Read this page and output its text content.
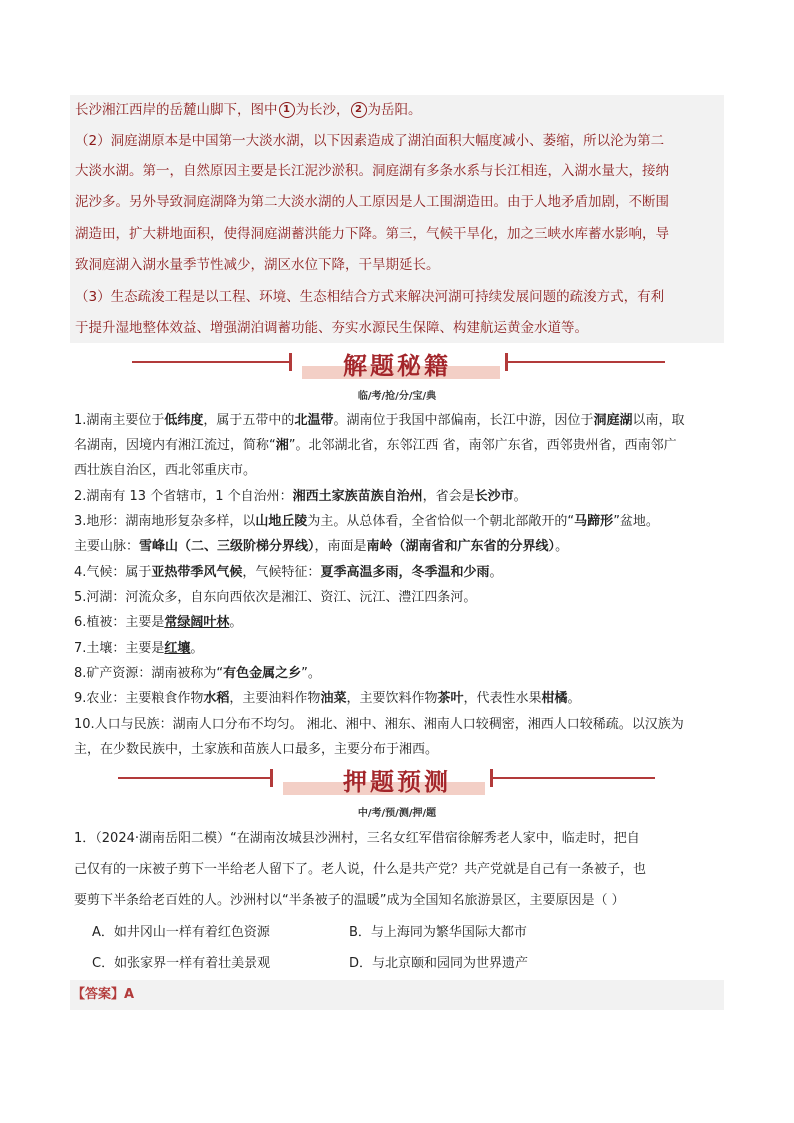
长沙湘江西岸的岳麓山脚下，图中 1 为长沙， 2 为岳阳。
（2）洞庭湖原本是中国第一大淡水湖，以下因素造成了湖泊面积大幅度减小、萎缩，所以沦为第二
大淡水湖。第一，自然原因主要是长江泥沙淤积。洞庭湖有多条水系与长江相连，入湖水量大，接纳
泥沙多。另外导致洞庭湖降为第二大淡水湖的人工原因是人工围湖造田。由于人地矛盾加剧，不断围
湖造田，扩大耕地面积，使得洞庭湖蓄洪能力下降。第三，气候干旱化，加之三峡水库蓄水影响，导
致洞庭湖入湖水量季节性减少，湖区水位下降，干旱期延长。
（3）生态疏浚工程是以工程、环境、生态相结合方式来解决河湖可持续发展问题的疏浚方式，有利
于提升湿地整体效益、增强湖泊调蓄功能、夯实水源民生保障、构建航运黄金水道等。
解题秘籍
临/考/抢/分/宝/典
1.湖南主要位于低纬度，属于五带中的北温带。湖南位于我国中部偏南，长江中游，因位于洞庭湖以南，取
名湖南，因境内有湘江流过，简称“湘”。北邻湖北省，东邻江西 省，南邻广东省，西邻贵州省，西南邻广
西壮族自治区，西北邻重庆市。
2.湖南有 13 个省辖市，1 个自治州：湘西土家族苗族自治州，省会是长沙市。
3.地形：湖南地形复杂多样，以山地丘陵为主。从总体看，全省恰似一个朝北部敞开的“马蹄形”盆地。
主要山脉：雪峰山（二、三级阶梯分界线），南面是南岭（湖南省和广东省的分界线）。
4.气候：属于亚热带季风气候，气候特征：夏季高温多雨，冬季温和少雨。
5.河湖：河流众多，自东向西依次是湘江、资江、沅江、澧江四条河。
6.植被：主要是常绿阔叶林。
7.土壤：主要是红壤。
8.矿产资源：湖南被称为“有色金属之乡”。
9.农业：主要粮食作物水稻，主要油料作物油菜，主要饮料作物茶叶，代表性水果柑橘。
10.人口与民族：湖南人口分布不均匀。 湘北、湘中、湘东、湘南人口较稠密，湘西人口较稀疏。以汉族为
主，在少数民族中，土家族和苗族人口最多，主要分布于湘西。
押题预测
中/考/预/测/押/题
1．（2024·湖南岳阳二模）“在湖南汝城县沙洲村，三名女红军借宿徐解秀老人家中，临走时，把自
己仅有的一床被子剪下一半给老人留下了。老人说，什么是共产党？共产党就是自己有一条被子，也
要剪下半条给老百姓的人。沙洲村以“半条被子的温暖”成为全国知名旅游景区，主要原因是（ ）
A．如井冈山一样有着红色资源	B．与上海同为繁华国际大都市
C．如张家界一样有着壮美景观	D．与北京颐和园同为世界遗产
【答案】A
